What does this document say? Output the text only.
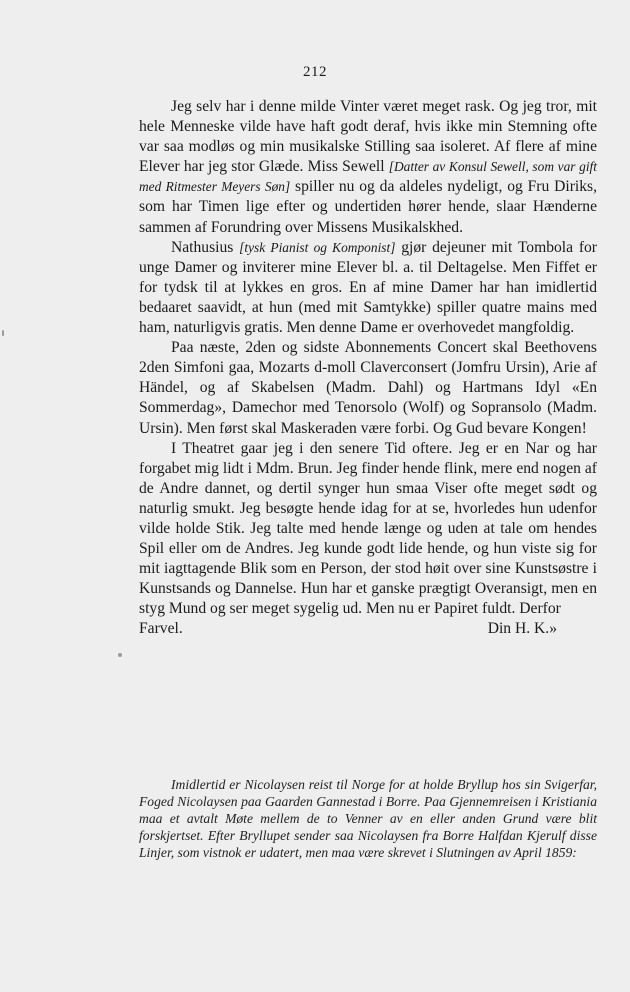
212

Jeg selv har i denne milde Vinter været meget rask. Og jeg tror, mit hele Menneske vilde have haft godt deraf, hvis ikke min Stemning ofte var saa modløs og min musikalske Stilling saa isoleret. Af flere af mine Elever har jeg stor Glæde. Miss Sewell [Datter av Konsul Sewell, som var gift med Ritmester Meyers Søn] spiller nu og da aldeles nydeligt, og Fru Diriks, som har Timen lige efter og undertiden hører hende, slaar Hænderne sammen af Forundring over Missens Musikalskhed.

Nathusius [tysk Pianist og Komponist] gjør dejeuner mit Tombola for unge Damer og inviterer mine Elever bl. a. til Deltagelse. Men Fiffet er for tydsk til at lykkes en gros. En af mine Damer har han imidlertid bedaaret saavidt, at hun (med mit Samtykke) spiller quatre mains med ham, naturligvis gratis. Men denne Dame er overhovedet mangfoldig.

Paa næste, 2den og sidste Abonnements Concert skal Beethovens 2den Simfoni gaa, Mozarts d-moll Claverconsert (Jomfru Ursin), Arie af Händel, og af Skabelsen (Madm. Dahl) og Hartmans Idyl «En Sommerdag», Damechor med Tenorsolo (Wolf) og Sopransolo (Madm. Ursin). Men først skal Maskeraden være forbi. Og Gud bevare Kongen!

I Theatret gaar jeg i den senere Tid oftere. Jeg er en Nar og har forgabet mig lidt i Mdm. Brun. Jeg finder hende flink, mere end nogen af de Andre dannet, og dertil synger hun smaa Viser ofte meget sødt og naturlig smukt. Jeg besøgte hende idag for at se, hvorledes hun udenfor vilde holde Stik. Jeg talte med hende længe og uden at tale om hendes Spil eller om de Andres. Jeg kunde godt lide hende, og hun viste sig for mit iagttagende Blik som en Person, der stod høit over sine Kunstsøstre i Kunstsands og Dannelse. Hun har et ganske prægtigt Overansigt, men en styg Mund og ser meget sygelig ud. Men nu er Papiret fuldt. Derfor

Farvel.	Din H. K.»
Imidlertid er Nicolaysen reist til Norge for at holde Bryllup hos sin Svigerfar, Foged Nicolaysen paa Gaarden Gannestad i Borre. Paa Gjennemreisen i Kristiania maa et avtalt Møte mellem de to Venner av en eller anden Grund være blit forskjertset. Efter Bryllupet sender saa Nicolaysen fra Borre Halfdan Kjerulf disse Linjer, som vistnok er udatert, men maa være skrevet i Slutningen av April 1859:
